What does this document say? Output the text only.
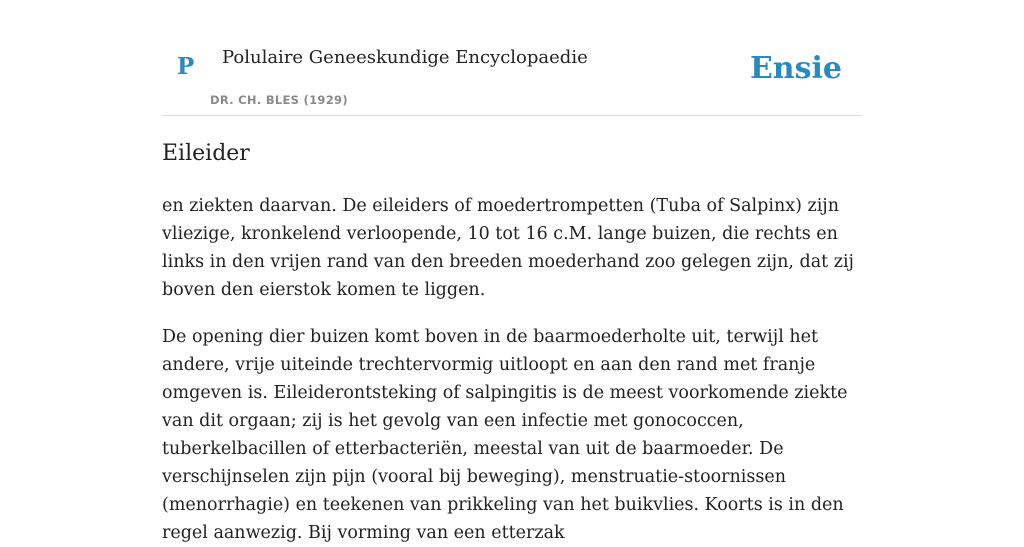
P Polulaire Geneeskundige Encyclopaedie
DR. CH. BLES (1929)
Ensie
Eileider

en ziekten daarvan. De eileiders of moedertrompetten (Tuba of Salpinx) zijn vliezige, kronkelend verloopende, 10 tot 16 c.M. lange buizen, die rechts en links in den vrijen rand van den breeden moederhand zoo gelegen zijn, dat zij boven den eierstok komen te liggen.

De opening dier buizen komt boven in de baarmoederholte uit, terwijl het andere, vrije uiteinde trechtervormig uitloopt en aan den rand met franje omgeven is. Eileiderontsteking of salpingitis is de meest voorkomende ziekte van dit orgaan; zij is het gevolg van een infectie met gonococcen, tuberkelbacillen of etterbacteriën, meestal van uit de baarmoeder. De verschijnselen zijn pijn (vooral bij beweging), menstruatie-stoornissen (menorrhagie) en teekenen van prikkeling van het buikvlies. Koorts is in den regel aanwezig. Bij vorming van een etterzak
